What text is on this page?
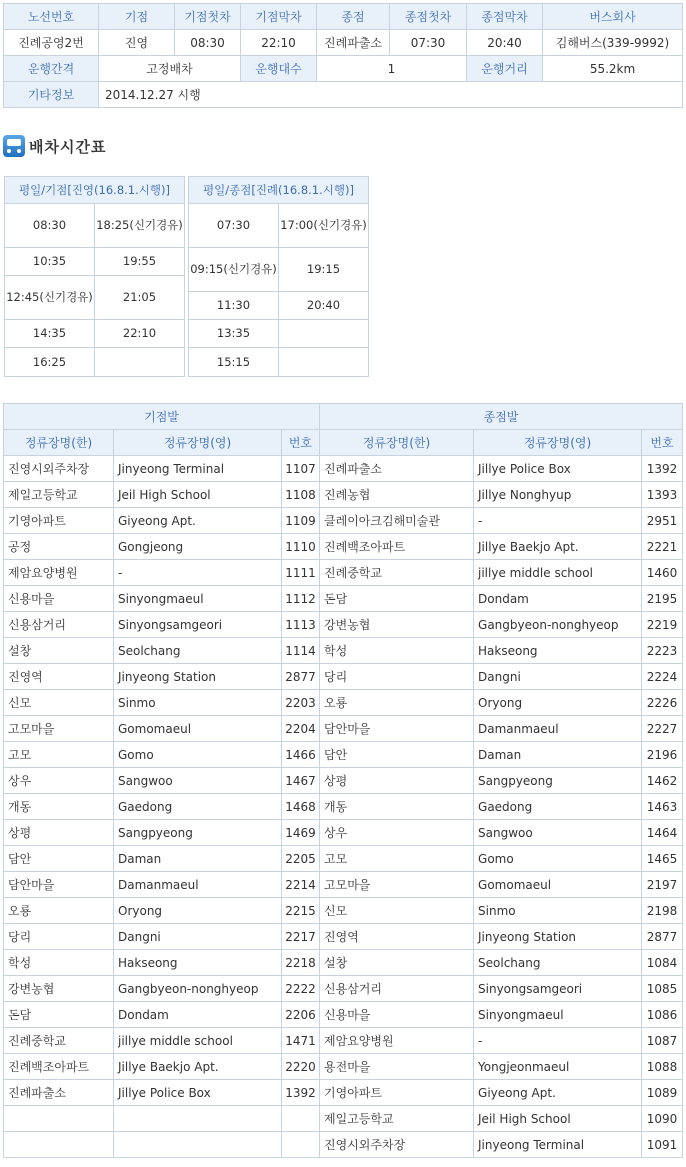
노선번호	기점	기점첫차	기점막차	종점	종점첫차	종점막차	버스회사
진례공영2번	진영	08:30	22:10	진례파출소	07:30	20:40	김해버스(339-9992)
운행간격	고정배차		운행대수	1		운행거리	55.2km
기타정보	2014.12.27 시행						
배차시간표
평일/기점[진영(16.8.1.시행)]	
08:30	18:25(신기경유)
10:35	19:55
12:45(신기경유)	21:05
14:35	22:10
16:25	
평일/종점[진례(16.8.1.시행)]	
07:30	17:00(신기경유)
09:15(신기경유)	19:15
11:30	20:40
13:35	
15:15	
기점발			종점발		
정류장명(한)	정류장명(영)	번호	정류장명(한)	정류장명(영)	번호
진영시외주차장	Jinyeong Terminal	1107	진례파출소	Jillye Police Box	1392
제일고등학교	Jeil High School	1108	진례농협	Jillye Nonghyup	1393
기영아파트	Giyeong Apt.	1109	클레이아크김해미술관	-	2951
공정	Gongjeong	1110	진례백조아파트	Jillye Baekjo Apt.	2221
제암요양병원	-	1111	진례중학교	jillye middle school	1460
신용마을	Sinyongmaeul	1112	돈담	Dondam	2195
신용삼거리	Sinyongsamgeori	1113	강변농협	Gangbyeon-nonghyeop	2219
설창	Seolchang	1114	학성	Hakseong	2223
진영역	Jinyeong Station	2877	당리	Dangni	2224
신모	Sinmo	2203	오룡	Oryong	2226
고모마을	Gomomaeul	2204	담안마을	Damanmaeul	2227
고모	Gomo	1466	담안	Daman	2196
상우	Sangwoo	1467	상평	Sangpyeong	1462
개동	Gaedong	1468	개동	Gaedong	1463
상평	Sangpyeong	1469	상우	Sangwoo	1464
담안	Daman	2205	고모	Gomo	1465
담안마을	Damanmaeul	2214	고모마을	Gomomaeul	2197
오룡	Oryong	2215	신모	Sinmo	2198
당리	Dangni	2217	진영역	Jinyeong Station	2877
학성	Hakseong	2218	설창	Seolchang	1084
강변농협	Gangbyeon-nonghyeop	2222	신용삼거리	Sinyongsamgeori	1085
돈담	Dondam	2206	신용마을	Sinyongmaeul	1086
진례중학교	jillye middle school	1471	제암요양병원	-	1087
진례백조아파트	Jillye Baekjo Apt.	2220	용전마을	Yongjeonmaeul	1088
진례파출소	Jillye Police Box	1392	기영아파트	Giyeong Apt.	1089
			제일고등학교	Jeil High School	1090
			진영시외주차장	Jinyeong Terminal	1091
